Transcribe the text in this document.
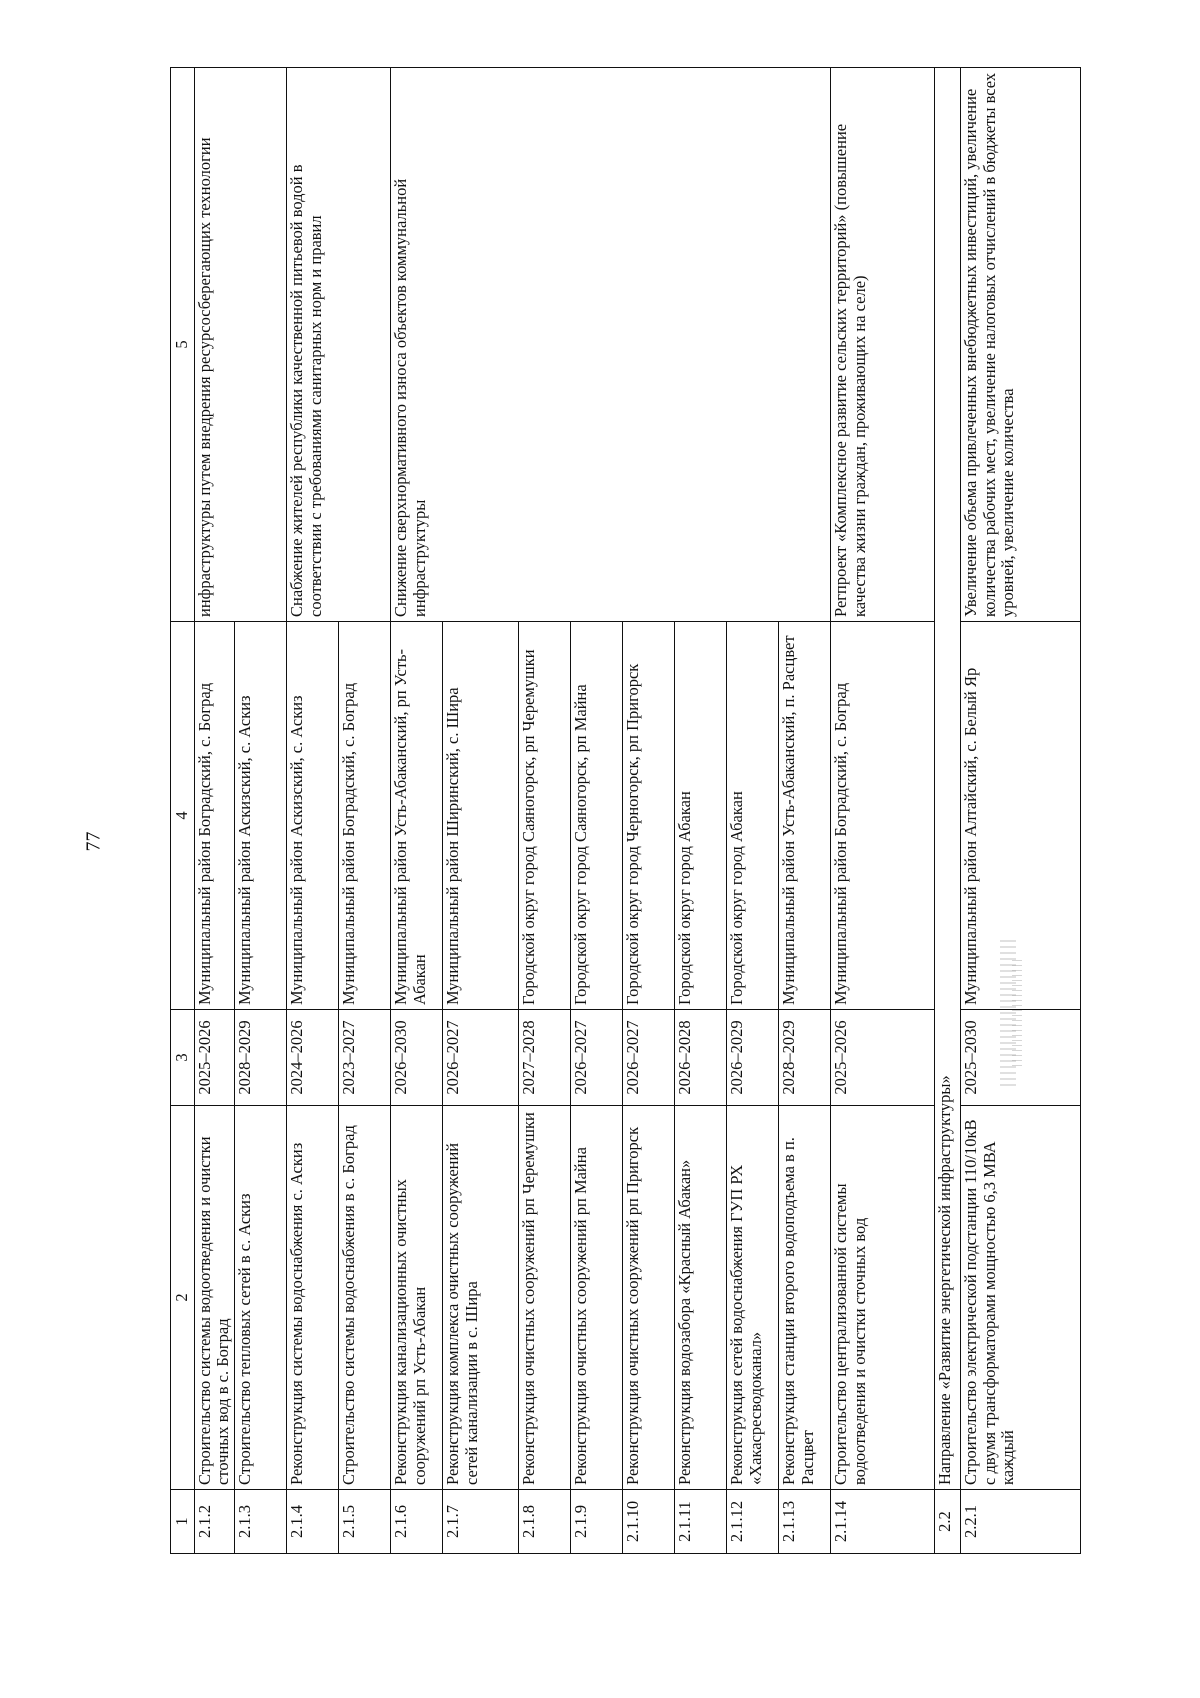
77
1	2	3	4	5
2.1.2	Строительство системы водоотведения и очистки сточных вод в с. Боград	2025–2026	Муниципальный район Боградский, с. Боград	инфраструктуры путем внедрения ресурсосберегающих технологии
2.1.3	Строительство тепловых сетей в с. Аскиз	2028–2029	Муниципальный район Аскизский, с. Аскиз	
2.1.4	Реконструкция системы водоснабжения с. Аскиз	2024–2026	Муниципальный район Аскизский, с. Аскиз	Снабжение жителей республики качественной питьевой водой в соответствии с требованиями санитарных норм и правил
2.1.5	Строительство системы водоснабжения в с. Боград	2023–2027	Муниципальный район Боградский, с. Боград	
2.1.6	Реконструкция канализационных очистных сооружений рп Усть-Абакан	2026–2030	Муниципальный район Усть-Абаканский, рп Усть-Абакан	Снижение сверхнормативного износа объектов коммунальной инфраструктуры
2.1.7	Реконструкция комплекса очистных сооружений сетей канализации в с. Шира	2026–2027	Муниципальный район Ширинский, с. Шира	
2.1.8	Реконструкция очистных сооружений рп Черемушки	2027–2028	Городской округ город Саяногорск, рп Черемушки	
2.1.9	Реконструкция очистных сооружений рп Майна	2026–2027	Городской округ город Саяногорск, рп Майна	
2.1.10	Реконструкция очистных сооружений рп Пригорск	2026–2027	Городской округ город Черногорск, рп Пригорск	
2.1.11	Реконструкция водозабора «Красный Абакан»	2026–2028	Городской округ город Абакан	
2.1.12	Реконструкция сетей водоснабжения ГУП РХ «Хакасресводоканал»	2026–2029	Городской округ город Абакан	
2.1.13	Реконструкция станции второго водоподъема в п. Расцвет	2028–2029	Муниципальный район Усть-Абаканский, п. Расцвет	
2.1.14	Строительство централизованной системы водоотведения и очистки сточных вод	2025–2026	Муниципальный район Боградский, с. Боград	Регпроект «Комплексное развитие сельских территорий» (повышение качества жизни граждан, проживающих на селе)
2.2	Направление «Развитие энергетической инфраструктуры»			
2.2.1	Строительство электрической подстанции 110/10кВ с двумя трансформаторами мощностью 6,3 МВА каждый	2025–2030	Муниципальный район Алтайский, с. Белый Яр	Увеличение объема привлеченных внебюджетных инвестиций, увеличение количества рабочих мест, увеличение налоговых отчислений в бюджеты всех уровней, увеличение количества
